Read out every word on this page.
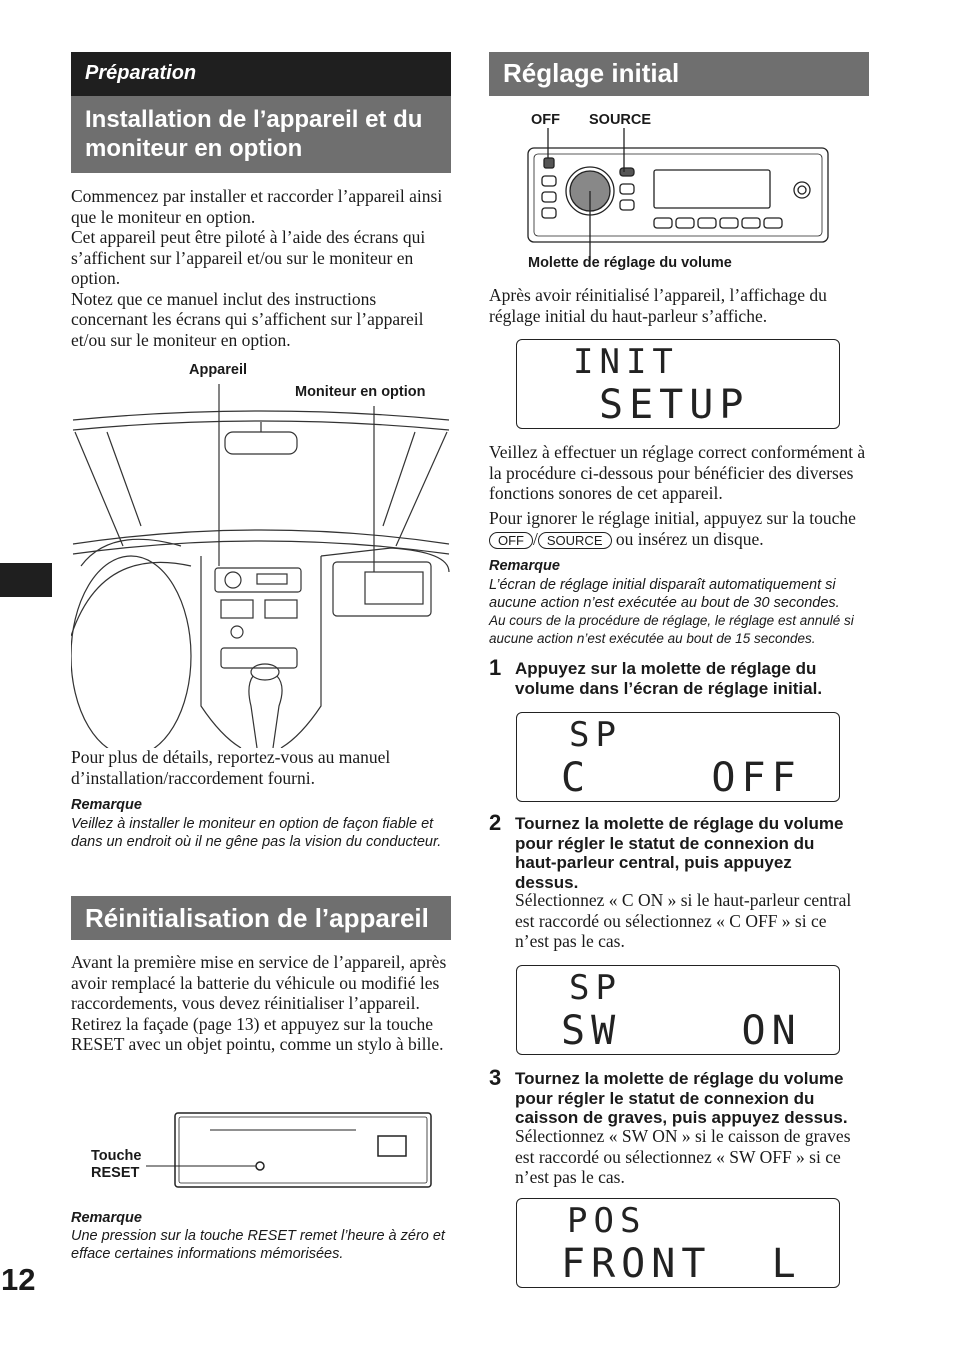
Préparation
Installation de l’appareil et du moniteur en option
Commencez par installer et raccorder l’appareil ainsi que le moniteur en option.
Cet appareil peut être piloté à l’aide des écrans qui s’affichent sur l’appareil et/ou sur le moniteur en option.
Notez que ce manuel inclut des instructions concernant les écrans qui s’affichent sur l’appareil et/ou sur le moniteur en option.
Appareil
Moniteur en option
Pour plus de détails, reportez-vous au manuel d’installation/raccordement fourni.
Remarque
Veillez à installer le moniteur en option de façon fiable et dans un endroit où il ne gêne pas la vision du conducteur.
Réinitialisation de l’appareil
Avant la première mise en service de l’appareil, après avoir remplacé la batterie du véhicule ou modifié les raccordements, vous devez réinitialiser l’appareil.
Retirez la façade (page 13) et appuyez sur la touche RESET avec un objet pointu, comme un stylo à bille.
Touche
RESET
Remarque
Une pression sur la touche RESET remet l’heure à zéro et efface certaines informations mémorisées.
12
Réglage initial
OFF SOURCE
Molette de réglage du volume
Après avoir réinitialisé l’appareil, l’affichage du réglage initial du haut-parleur s’affiche.
INIT
SETUP
Veillez à effectuer un réglage correct conformément à la procédure ci-dessous pour bénéficier des diverses fonctions sonores de cet appareil.
Pour ignorer le réglage initial, appuyez sur la touche OFF / SOURCE ou insérez un disque.
Remarque
L’écran de réglage initial disparaît automatiquement si aucune action n’est exécutée au bout de 30 secondes.
Au cours de la procédure de réglage, le réglage est annulé si aucune action n’est exécutée au bout de 15 secondes.
1 Appuyez sur la molette de réglage du volume dans l’écran de réglage initial.
SP
C    OFF
2 Tournez la molette de réglage du volume pour régler le statut de connexion du haut-parleur central, puis appuyez dessus.
Sélectionnez « C ON » si le haut-parleur central est raccordé ou sélectionnez « C OFF » si ce n’est pas le cas.
SP
SW    ON
3 Tournez la molette de réglage du volume pour régler le statut de connexion du caisson de graves, puis appuyez dessus.
Sélectionnez « SW ON » si le caisson de graves est raccordé ou sélectionnez « SW OFF » si ce n’est pas le cas.
POS
FRONT  L
